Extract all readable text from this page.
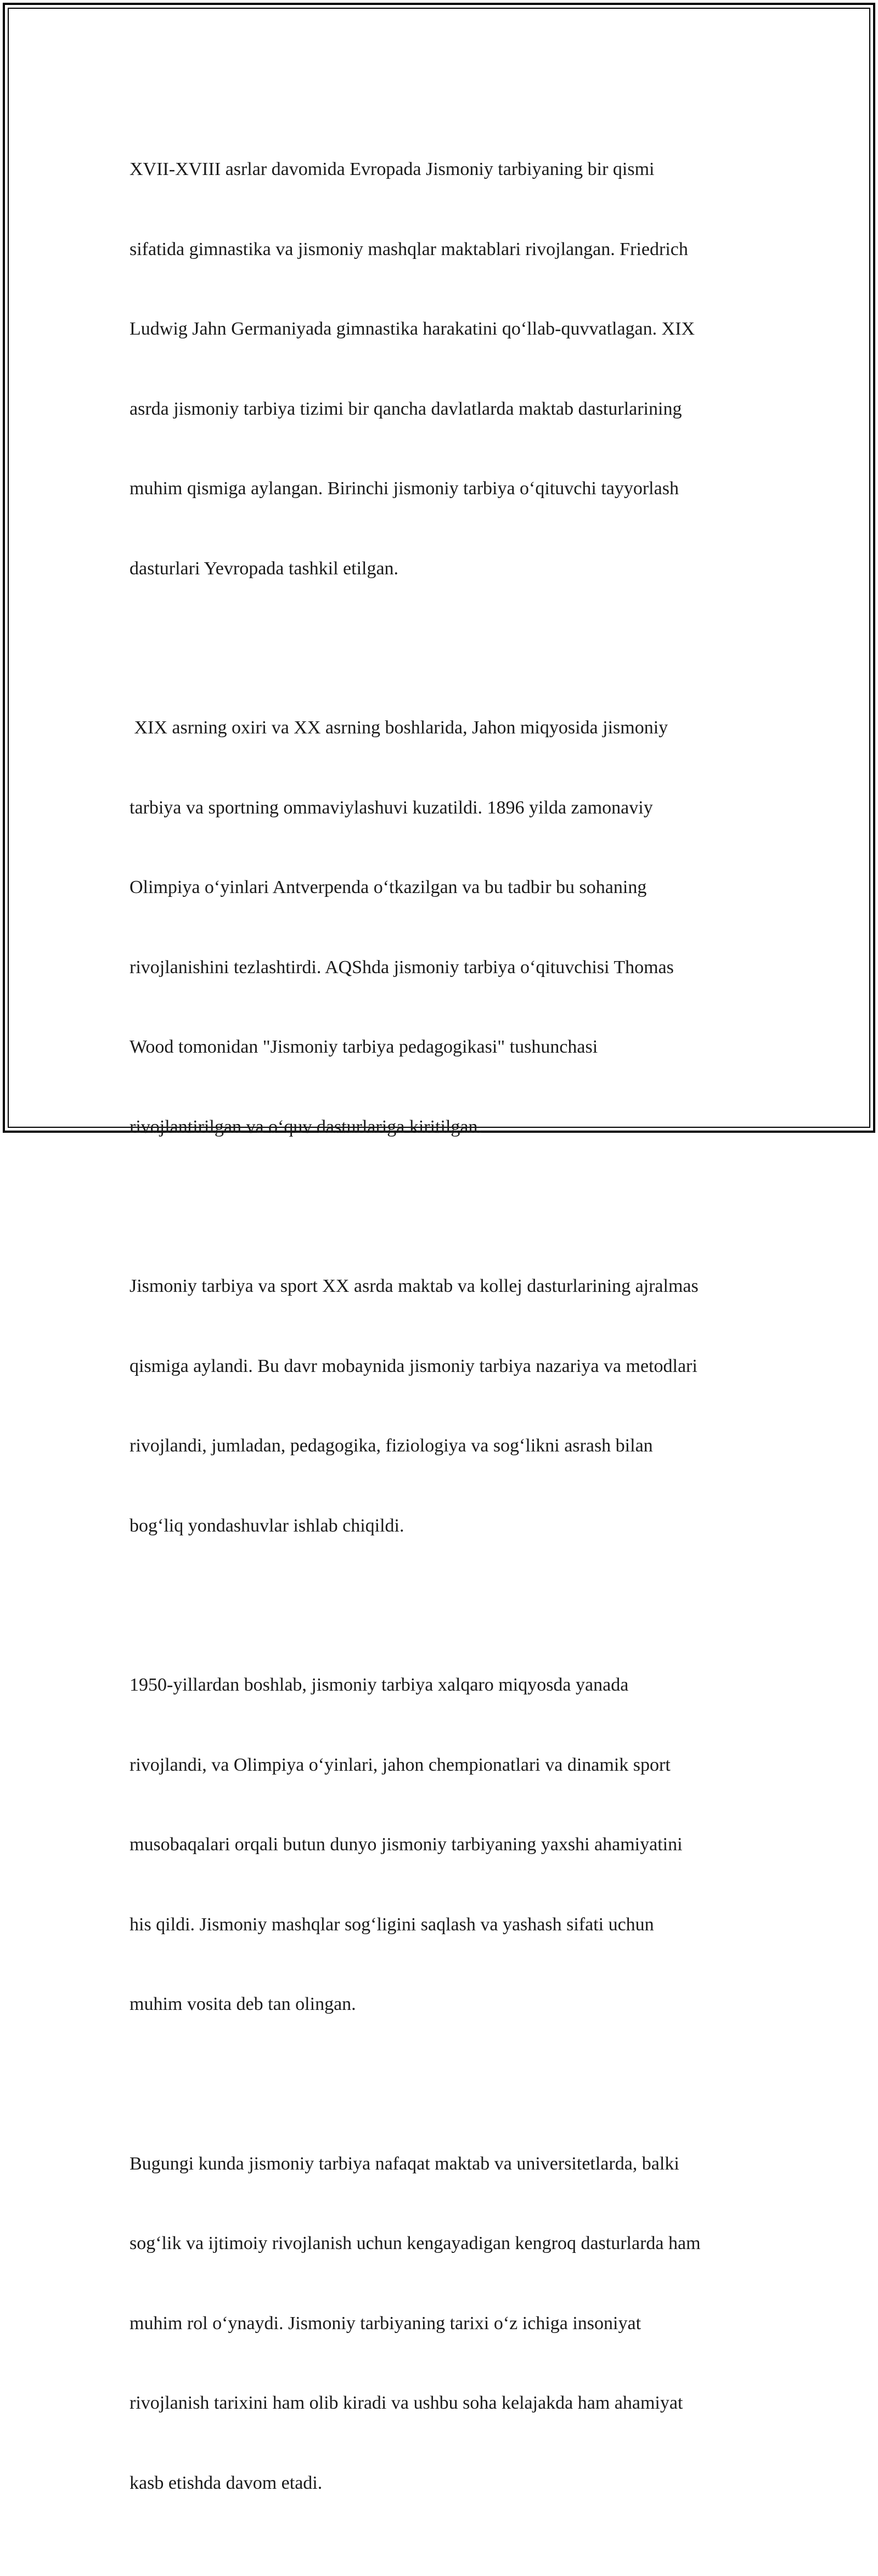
XVII-XVIII asrlar davomida Evropada Jismoniy tarbiyaning bir qismi

sifatida gimnastika va jismoniy mashqlar maktablari rivojlangan. Friedrich

Ludwig Jahn Germaniyada gimnastika harakatini qoʻllab-quvvatlagan. XIX

asrda jismoniy tarbiya tizimi bir qancha davlatlarda maktab dasturlarining

muhim qismiga aylangan. Birinchi jismoniy tarbiya oʻqituvchi tayyorlash

dasturlari Yevropada tashkil etilgan.

XIX asrning oxiri va XX asrning boshlarida, Jahon miqyosida jismoniy

tarbiya va sportning ommaviylashuvi kuzatildi. 1896 yilda zamonaviy

Olimpiya oʻyinlari Antverpenda oʻtkazilgan va bu tadbir bu sohaning

rivojlanishini tezlashtirdi. AQShda jismoniy tarbiya oʻqituvchisi Thomas

Wood tomonidan "Jismoniy tarbiya pedagogikasi" tushunchasi

rivojlantirilgan va oʻquv dasturlariga kiritilgan.

Jismoniy tarbiya va sport XX asrda maktab va kollej dasturlarining ajralmas

qismiga aylandi. Bu davr mobaynida jismoniy tarbiya nazariya va metodlari

rivojlandi, jumladan, pedagogika, fiziologiya va sogʻlikni asrash bilan

bogʻliq yondashuvlar ishlab chiqildi.

1950-yillardan boshlab, jismoniy tarbiya xalqaro miqyosda yanada

rivojlandi, va Olimpiya oʻyinlari, jahon chempionatlari va dinamik sport

musobaqalari orqali butun dunyo jismoniy tarbiyaning yaxshi ahamiyatini

his qildi. Jismoniy mashqlar sogʻligini saqlash va yashash sifati uchun

muhim vosita deb tan olingan.

Bugungi kunda jismoniy tarbiya nafaqat maktab va universitetlarda, balki

sogʻlik va ijtimoiy rivojlanish uchun kengayadigan kengroq dasturlarda ham

muhim rol oʻynaydi. Jismoniy tarbiyaning tarixi oʻz ichiga insoniyat

rivojlanish tarixini ham olib kiradi va ushbu soha kelajakda ham ahamiyat

kasb etishda davom etadi.
